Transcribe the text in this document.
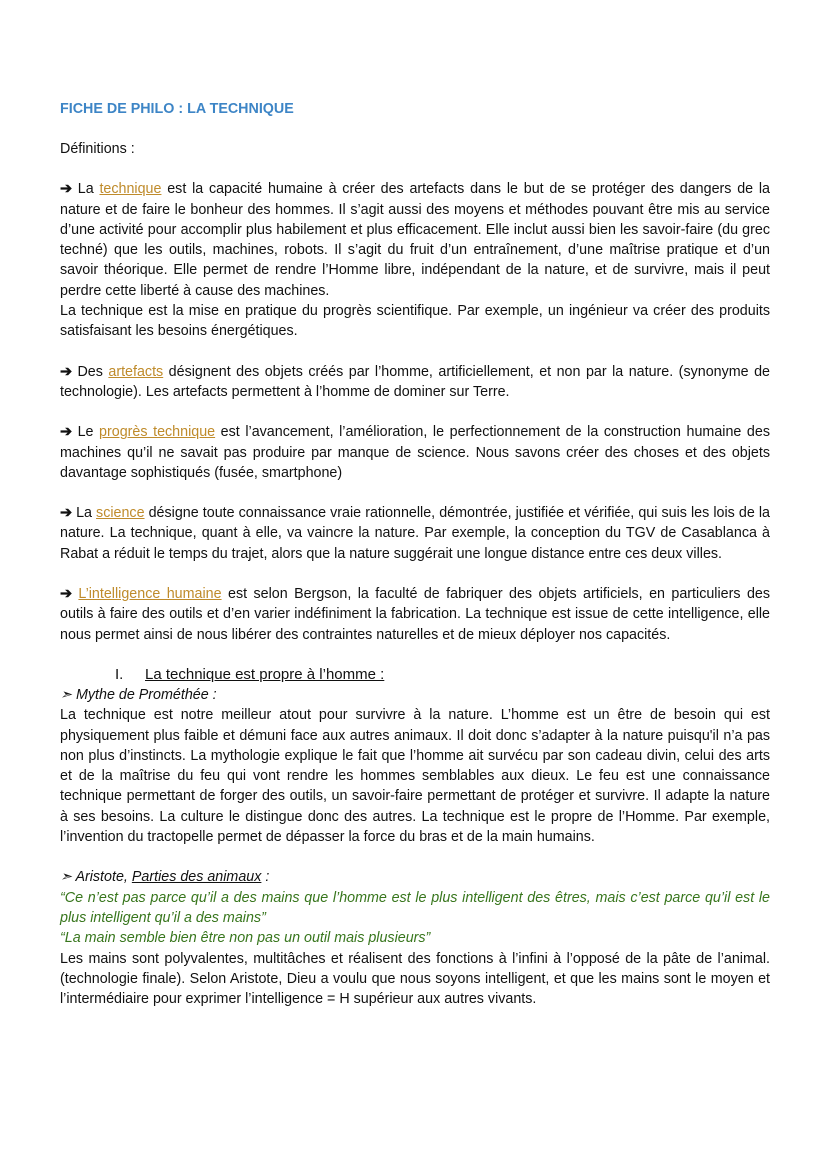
FICHE DE PHILO : LA TECHNIQUE

Définitions :

➔ La technique est la capacité humaine à créer des artefacts dans le but de se protéger des dangers de la nature et de faire le bonheur des hommes. Il s’agit aussi des moyens et méthodes pouvant être mis au service d’une activité pour accomplir plus habilement et plus efficacement. Elle inclut aussi bien les savoir-faire (du grec techné) que les outils, machines, robots. Il s’agit du fruit d’un entraînement, d’une maîtrise pratique et d’un savoir théorique. Elle permet de rendre l’Homme libre, indépendant de la nature, et de survivre, mais il peut perdre cette liberté à cause des machines.

La technique est la mise en pratique du progrès scientifique. Par exemple, un ingénieur va créer des produits satisfaisant les besoins énergétiques.

➔ Des artefacts désignent des objets créés par l’homme, artificiellement, et non par la nature. (synonyme de technologie). Les artefacts permettent à l’homme de dominer sur Terre.

➔ Le progrès technique est l’avancement, l’amélioration, le perfectionnement de la construction humaine des machines qu’il ne savait pas produire par manque de science. Nous savons créer des choses et des objets davantage sophistiqués (fusée, smartphone)

➔ La science désigne toute connaissance vraie rationnelle, démontrée, justifiée et vérifiée, qui suis les lois de la nature. La technique, quant à elle, va vaincre la nature. Par exemple, la conception du TGV de Casablanca à Rabat a réduit le temps du trajet, alors que la nature suggérait une longue distance entre ces deux villes.

➔ L’intelligence humaine est selon Bergson, la faculté de fabriquer des objets artificiels, en particuliers des outils à faire des outils et d’en varier indéfiniment la fabrication. La technique est issue de cette intelligence, elle nous permet ainsi de nous libérer des contraintes naturelles et de mieux déployer nos capacités.

I. La technique est propre à l’homme :

➣ Mythe de Prométhée :

La technique est notre meilleur atout pour survivre à la nature. L’homme est un être de besoin qui est physiquement plus faible et démuni face aux autres animaux. Il doit donc s’adapter à la nature puisqu'il n’a pas non plus d’instincts. La mythologie explique le fait que l’homme ait survécu par son cadeau divin, celui des arts et de la maîtrise du feu qui vont rendre les hommes semblables aux dieux. Le feu est une connaissance technique permettant de forger des outils, un savoir-faire permettant de protéger et survivre. Il adapte la nature à ses besoins. La culture le distingue donc des autres. La technique est le propre de l’Homme. Par exemple, l’invention du tractopelle permet de dépasser la force du bras et de la main humains.

➣ Aristote, Parties des animaux :

“Ce n’est pas parce qu’il a des mains que l’homme est le plus intelligent des êtres, mais c’est parce qu’il est le plus intelligent qu’il a des mains”

“La main semble bien être non pas un outil mais plusieurs”

Les mains sont polyvalentes, multitâches et réalisent des fonctions à l’infini à l’opposé de la pâte de l’animal.(technologie finale). Selon Aristote, Dieu a voulu que nous soyons intelligent, et que les mains sont le moyen et l’intermédiaire pour exprimer l’intelligence = H supérieur aux autres vivants.
